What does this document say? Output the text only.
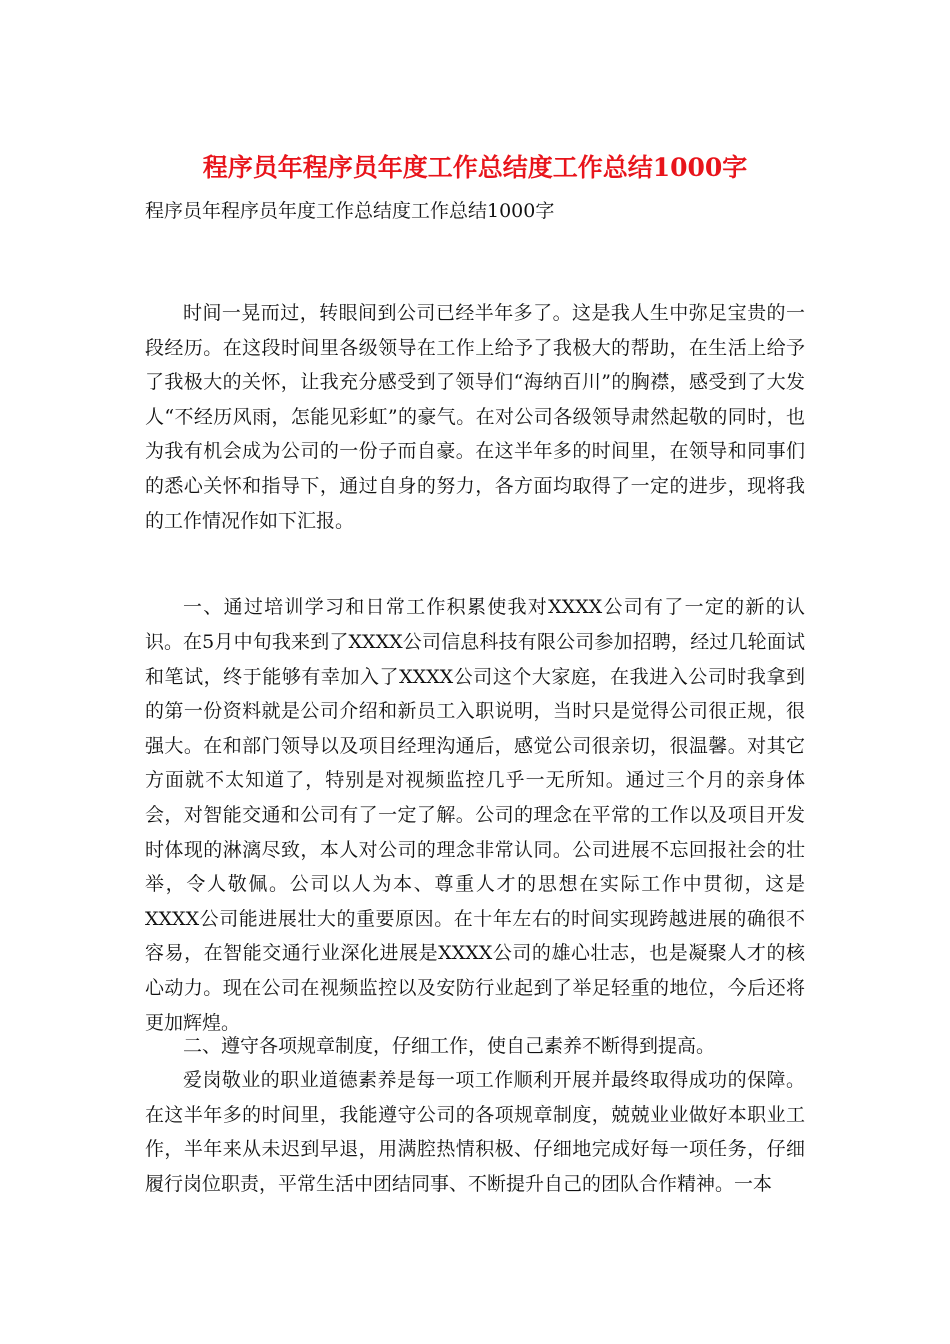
程序员年程序员年度工作总结度工作总结1000字
程序员年程序员年度工作总结度工作总结1000字

时间一晃而过，转眼间到公司已经半年多了。这是我人生中弥足宝贵的一段经历。在这段时间里各级领导在工作上给予了我极大的帮助，在生活上给予了我极大的关怀，让我充分感受到了领导们“海纳百川”的胸襟，感受到了大发人“不经历风雨，怎能见彩虹”的豪气。在对公司各级领导肃然起敬的同时，也为我有机会成为公司的一份子而自豪。在这半年多的时间里，在领导和同事们的悉心关怀和指导下，通过自身的努力，各方面均取得了一定的进步，现将我的工作情况作如下汇报。

一、通过培训学习和日常工作积累使我对XXXX公司有了一定的新的认识。 在5月中旬我来到了XXXX公司信息科技有限公司参加招聘，经过几轮面试和笔试，终于能够有幸加入了XXXX公司这个大家庭，在我进入公司时我拿到的第一份资料就是公司介绍和新员工入职说明，当时只是觉得公司很正规，很强大。在和部门领导以及项目经理沟通后，感觉公司很亲切，很温馨。对其它方面就不太知道了，特别是对视频监控几乎一无所知。通过三个月的亲身体会，对智能交通和公司有了一定了解。公司的理念在平常的工作以及项目开发时体现的淋漓尽致，本人对公司的理念非常认同。公司进展不忘回报社会的壮举，令人敬佩。公司以人为本、尊重人才的思想在实际工作中贯彻，这是XXXX公司能进展壮大的重要原因。在十年左右的时间实现跨越进展的确很不容易，在智能交通行业深化进展是XXXX公司的雄心壮志，也是凝聚人才的核心动力。现在公司在视频监控以及安防行业起到了举足轻重的地位，今后还将更加辉煌。

二、遵守各项规章制度，仔细工作，使自己素养不断得到提高。

爱岗敬业的职业道德素养是每一项工作顺利开展并最终取得成功的保障。在这半年多的时间里，我能遵守公司的各项规章制度，兢兢业业做好本职业工作，半年来从未迟到早退，用满腔热情积极、仔细地完成好每一项任务，仔细履行岗位职责，平常生活中团结同事、不断提升自己的团队合作精神。一本
